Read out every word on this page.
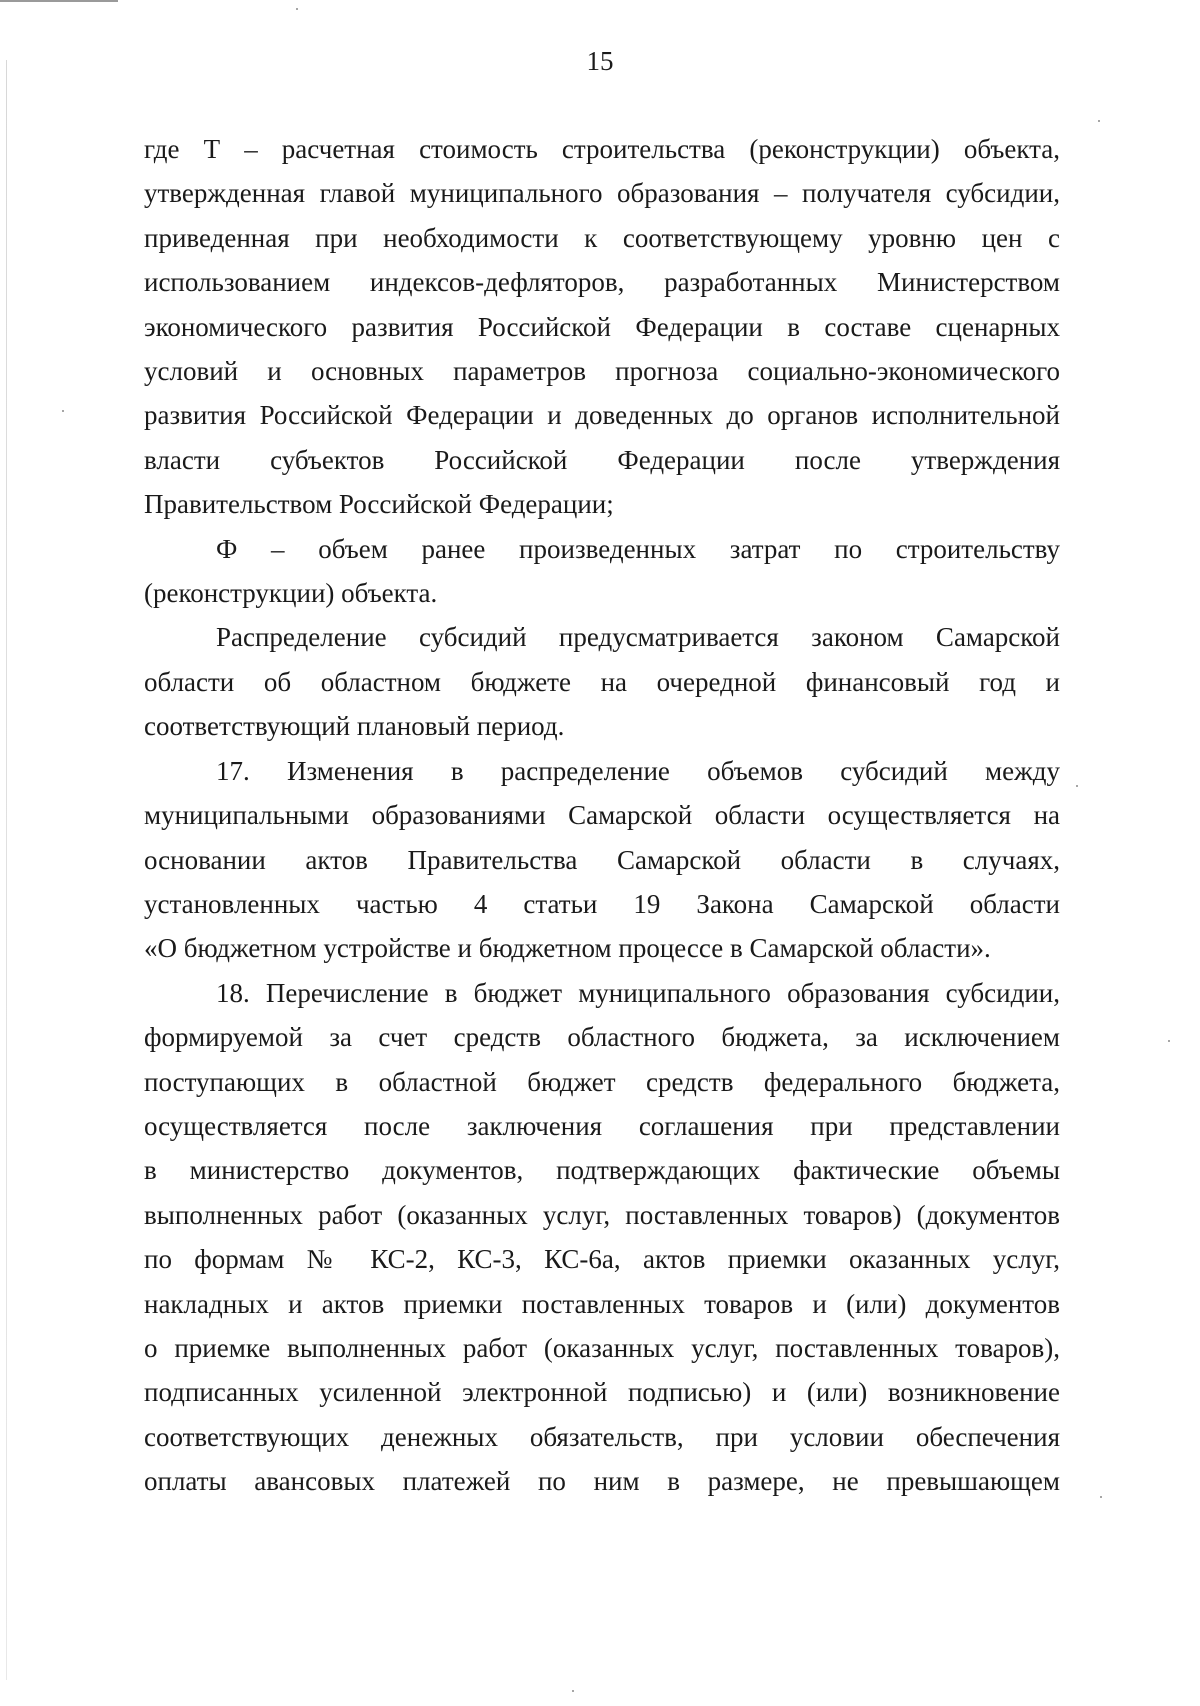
15
где Т – расчетная стоимость строительства (реконструкции) объекта,
утвержденная главой муниципального образования – получателя субсидии,
приведенная при необходимости к соответствующему уровню цен с
использованием индексов-дефляторов, разработанных Министерством
экономического развития Российской Федерации в составе сценарных
условий и основных параметров прогноза социально-экономического
развития Российской Федерации и доведенных до органов исполнительной
власти субъектов Российской Федерации после утверждения
Правительством Российской Федерации;
Ф – объем ранее произведенных затрат по строительству
(реконструкции) объекта.
Распределение субсидий предусматривается законом Самарской
области об областном бюджете на очередной финансовый год и
соответствующий плановый период.
17. Изменения в распределение объемов субсидий между
муниципальными образованиями Самарской области осуществляется на
основании актов Правительства Самарской области в случаях,
установленных частью 4 статьи 19 Закона Самарской области
«О бюджетном устройстве и бюджетном процессе в Самарской области».
18. Перечисление в бюджет муниципального образования субсидии,
формируемой за счет средств областного бюджета, за исключением
поступающих в областной бюджет средств федерального бюджета,
осуществляется после заключения соглашения при представлении
в министерство документов, подтверждающих фактические объемы
выполненных работ (оказанных услуг, поставленных товаров) (документов
по формам № КС-2, КС-3, КС-6а, актов приемки оказанных услуг,
накладных и актов приемки поставленных товаров и (или) документов
о приемке выполненных работ (оказанных услуг, поставленных товаров),
подписанных усиленной электронной подписью) и (или) возникновение
соответствующих денежных обязательств, при условии обеспечения
оплаты авансовых платежей по ним в размере, не превышающем
